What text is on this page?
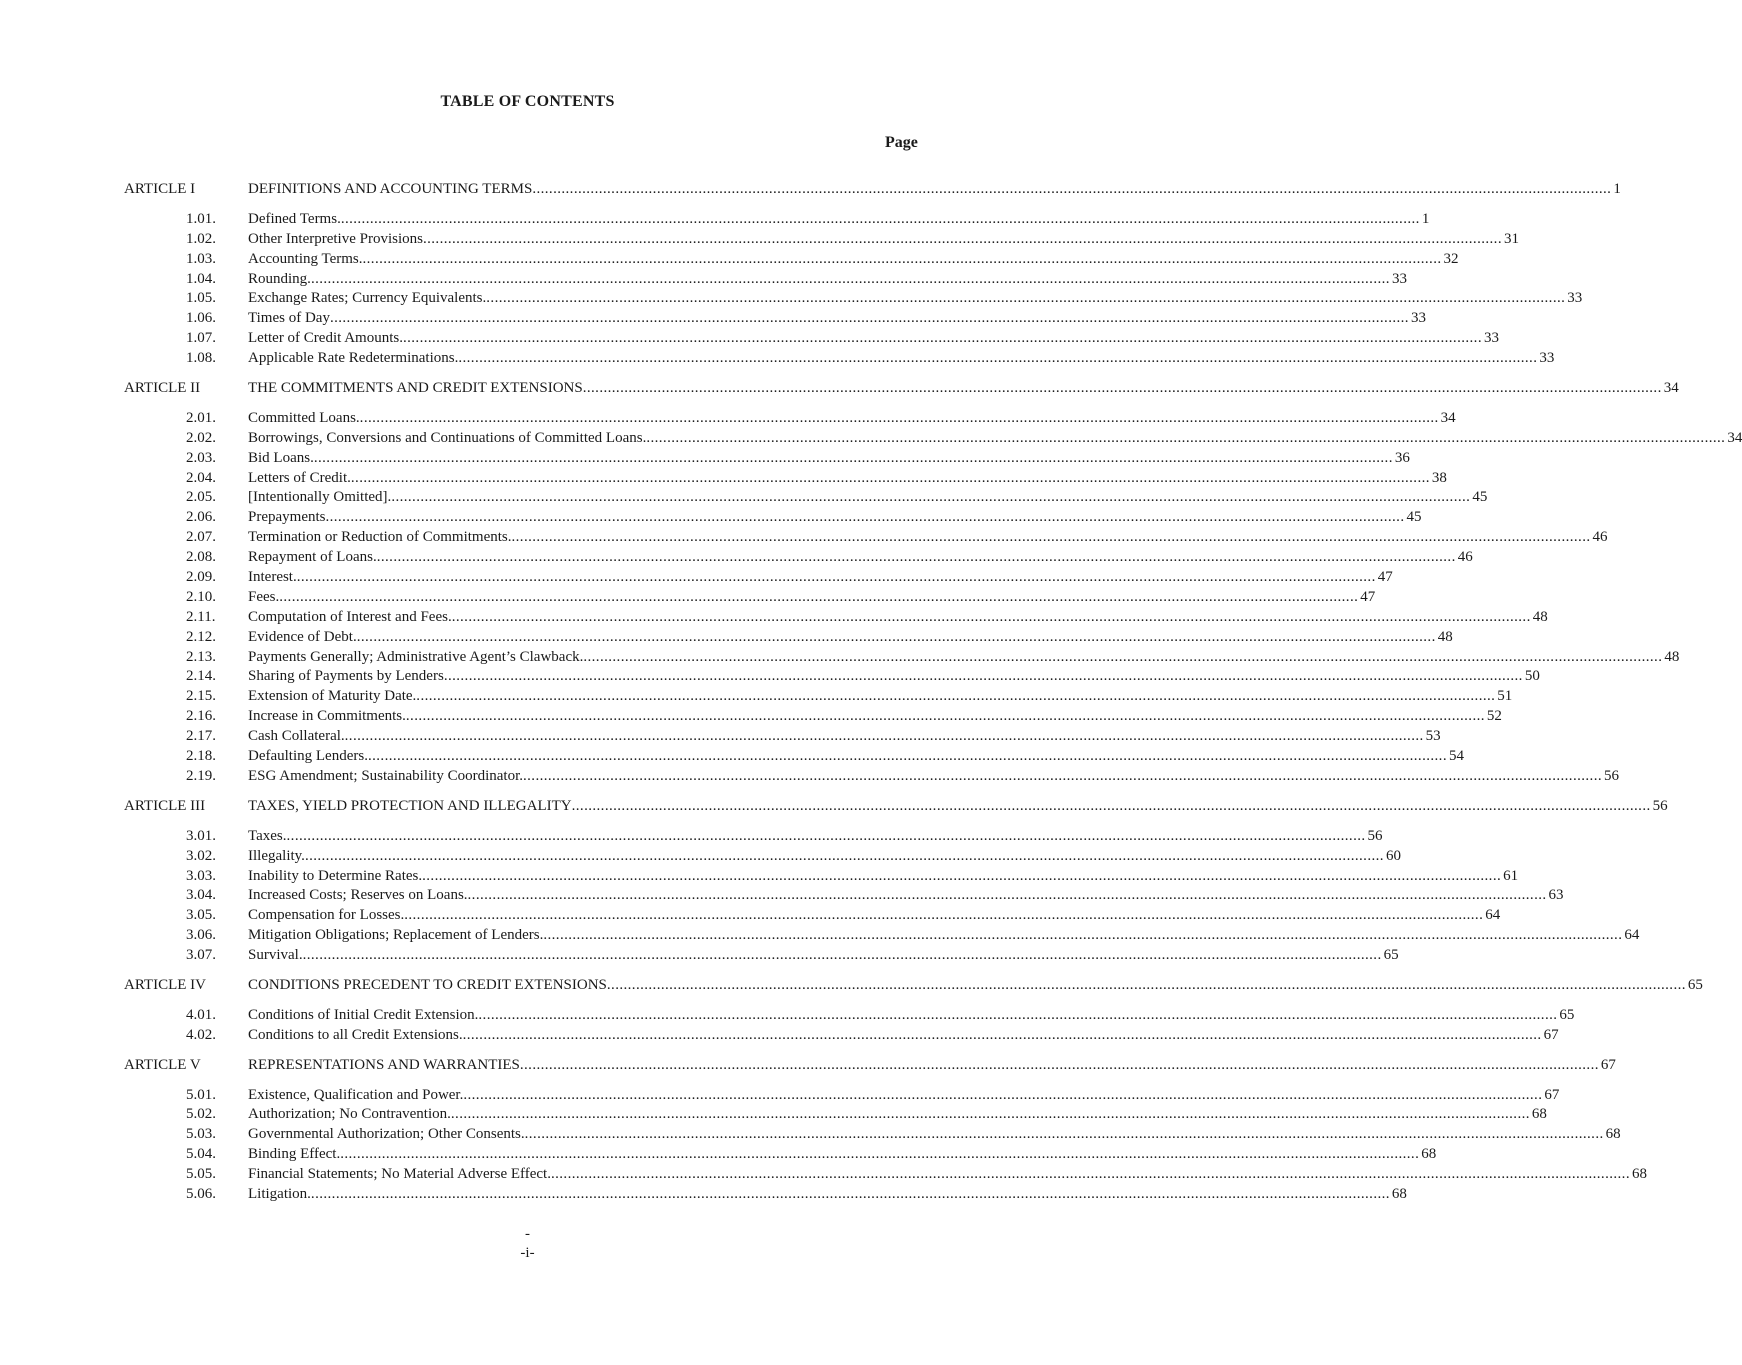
TABLE OF CONTENTS
Page
ARTICLE I	DEFINITIONS AND ACCOUNTING TERMS .................................................................................................................................................................................................................................................................... 1
1.01. Defined Terms. .................................................................................................................................................................................................................................................................... 1
1.02. Other Interpretive Provisions .................................................................................................................................................................................................................................................................... 31
1.03. Accounting Terms. .................................................................................................................................................................................................................................................................... 32
1.04. Rounding. .................................................................................................................................................................................................................................................................... 33
1.05. Exchange Rates; Currency Equivalents. .................................................................................................................................................................................................................................................................... 33
1.06. Times of Day .................................................................................................................................................................................................................................................................... 33
1.07. Letter of Credit Amounts. .................................................................................................................................................................................................................................................................... 33
1.08. Applicable Rate Redeterminations. .................................................................................................................................................................................................................................................................... 33
ARTICLE II	THE COMMITMENTS AND CREDIT EXTENSIONS .................................................................................................................................................................................................................................................................... 34
2.01. Committed Loans. .................................................................................................................................................................................................................................................................... 34
2.02. Borrowings, Conversions and Continuations of Committed Loans. .................................................................................................................................................................................................................................................................... 34
2.03. Bid Loans. .................................................................................................................................................................................................................................................................... 36
2.04. Letters of Credit. .................................................................................................................................................................................................................................................................... 38
2.05. [Intentionally Omitted]. .................................................................................................................................................................................................................................................................... 45
2.06. Prepayments .................................................................................................................................................................................................................................................................... 45
2.07. Termination or Reduction of Commitments. .................................................................................................................................................................................................................................................................... 46
2.08. Repayment of Loans. .................................................................................................................................................................................................................................................................... 46
2.09. Interest. .................................................................................................................................................................................................................................................................... 47
2.10. Fees. .................................................................................................................................................................................................................................................................... 47
2.11. Computation of Interest and Fees. .................................................................................................................................................................................................................................................................... 48
2.12. Evidence of Debt. .................................................................................................................................................................................................................................................................... 48
2.13. Payments Generally; Administrative Agent’s Clawback. .................................................................................................................................................................................................................................................................... 48
2.14. Sharing of Payments by Lenders .................................................................................................................................................................................................................................................................... 50
2.15. Extension of Maturity Date. .................................................................................................................................................................................................................................................................... 51
2.16. Increase in Commitments. .................................................................................................................................................................................................................................................................... 52
2.17. Cash Collateral. .................................................................................................................................................................................................................................................................... 53
2.18. Defaulting Lenders. .................................................................................................................................................................................................................................................................... 54
2.19. ESG Amendment; Sustainability Coordinator. .................................................................................................................................................................................................................................................................... 56
ARTICLE III	TAXES, YIELD PROTECTION AND ILLEGALITY .................................................................................................................................................................................................................................................................... 56
3.01. Taxes. .................................................................................................................................................................................................................................................................... 56
3.02. Illegality. .................................................................................................................................................................................................................................................................... 60
3.03. Inability to Determine Rates. .................................................................................................................................................................................................................................................................... 61
3.04. Increased Costs; Reserves on Loans. .................................................................................................................................................................................................................................................................... 63
3.05. Compensation for Losses. .................................................................................................................................................................................................................................................................... 64
3.06. Mitigation Obligations; Replacement of Lenders. .................................................................................................................................................................................................................................................................... 64
3.07. Survival. .................................................................................................................................................................................................................................................................... 65
ARTICLE IV	CONDITIONS PRECEDENT TO CREDIT EXTENSIONS .................................................................................................................................................................................................................................................................... 65
4.01. Conditions of Initial Credit Extension. .................................................................................................................................................................................................................................................................... 65
4.02. Conditions to all Credit Extensions. .................................................................................................................................................................................................................................................................... 67
ARTICLE V	REPRESENTATIONS AND WARRANTIES .................................................................................................................................................................................................................................................................... 67
5.01. Existence, Qualification and Power. .................................................................................................................................................................................................................................................................... 67
5.02. Authorization; No Contravention. .................................................................................................................................................................................................................................................................... 68
5.03. Governmental Authorization; Other Consents. .................................................................................................................................................................................................................................................................... 68
5.04. Binding Effect. .................................................................................................................................................................................................................................................................... 68
5.05. Financial Statements; No Material Adverse Effect. .................................................................................................................................................................................................................................................................... 68
5.06. Litigation. .................................................................................................................................................................................................................................................................... 68
-
-i-
